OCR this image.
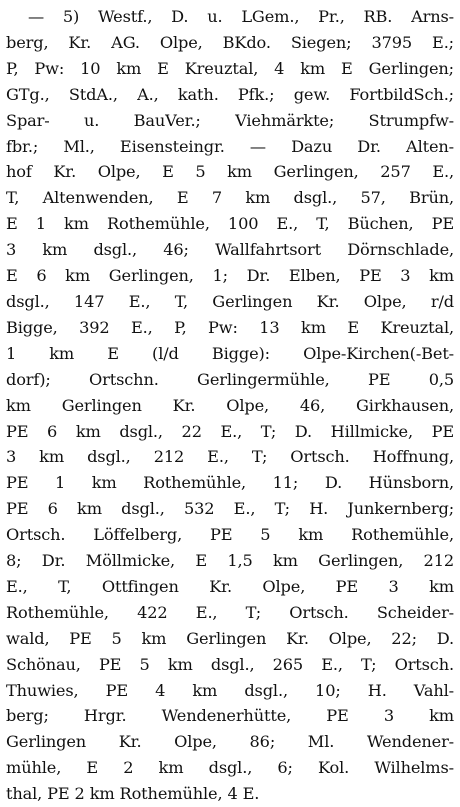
— 5) Westf., D. u. LGem., Pr., RB. Arns-
berg, Kr. AG. Olpe, BKdo. Siegen; 3795 E.;
P, Pw: 10 km E Kreuztal, 4 km E Gerlingen;
GTg., StdA., A., kath. Pfk.; gew. FortbildSch.;
Spar- u. BauVer.; Viehmärkte; Strumpfw-
fbr.; Ml., Eisensteingr. — Dazu Dr. Alten-
hof Kr. Olpe, E 5 km Gerlingen, 257 E.,
T, Altenwenden, E 7 km dsgl., 57, Brün,
E 1 km Rothemühle, 100 E., T, Büchen, PE
3 km dsgl., 46; Wallfahrtsort Dörnschlade,
E 6 km Gerlingen, 1; Dr. Elben, PE 3 km
dsgl., 147 E., T, Gerlingen Kr. Olpe, r/d
Bigge, 392 E., P, Pw: 13 km E Kreuztal,
1 km E (l/d Bigge): Olpe-Kirchen(-Bet-
dorf); Ortschn. Gerlingermühle, PE 0,5
km Gerlingen Kr. Olpe, 46, Girkhausen,
PE 6 km dsgl., 22 E., T; D. Hillmicke, PE
3 km dsgl., 212 E., T; Ortsch. Hoffnung,
PE 1 km Rothemühle, 11; D. Hünsborn,
PE 6 km dsgl., 532 E., T; H. Junkernberg;
Ortsch. Löffelberg, PE 5 km Rothemühle,
8; Dr. Möllmicke, E 1,5 km Gerlingen, 212
E., T, Ottfingen Kr. Olpe, PE 3 km
Rothemühle, 422 E., T; Ortsch. Scheider-
wald, PE 5 km Gerlingen Kr. Olpe, 22; D.
Schönau, PE 5 km dsgl., 265 E., T; Ortsch.
Thuwies, PE 4 km dsgl., 10; H. Vahl-
berg; Hrgr. Wendenerhütte, PE 3 km
Gerlingen Kr. Olpe, 86; Ml. Wendener-
mühle, E 2 km dsgl., 6; Kol. Wilhelms-
thal, PE 2 km Rothemühle, 4 E.
